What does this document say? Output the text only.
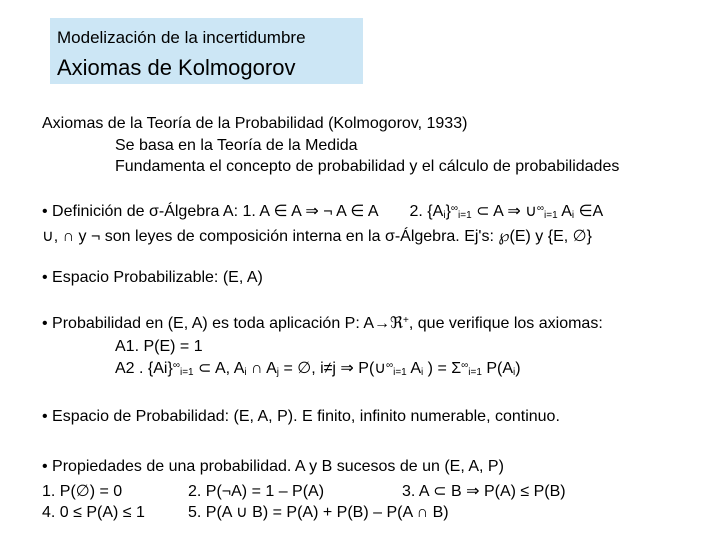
Modelización de la incertidumbre
Axiomas de Kolmogorov
Axiomas de la Teoría de la Probabilidad (Kolmogorov, 1933)
Se basa en la Teoría de la Medida
Fundamenta el concepto de probabilidad y el cálculo de probabilidades
• Definición de σ-Álgebra A: 1. A ∈ A ⇒ ¬ A ∈ A 2. $\{A_i\}^\infty_{i=1}$ ⊂ A ⇒ $\cup^\infty_{i=1}$ $A_i$ ∈A
∪, ∩ y ¬ son leyes de composición interna en la σ-Álgebra. Ej's: ℘(E) y {E, ∅}
• Espacio Probabilizable: (E, A)
• Probabilidad en (E, A) es toda aplicación P: A→ℜ+, que verifique los axiomas:
A1. P(E) = 1
A2 . $\{Ai\}^\infty_{i=1}$ ⊂ A, $A_i$ ∩ $A_j$ = ∅, i≠j ⇒ $P(\cup^\infty_{i=1}$ $A_i$ ) = $\Sigma^\infty_{i=1}$ $P(A_i)$
• Espacio de Probabilidad: (E, A, P). E finito, infinito numerable, continuo.
• Propiedades de una probabilidad. A y B sucesos de un (E, A, P)
1. P(∅) = 0	2. P(¬A) = 1 – P(A)	3. A ⊂ B ⇒ P(A) ≤ P(B)
4. 0 ≤ P(A) ≤ 1	5. P(A ∪ B) = P(A) + P(B) – P(A ∩ B)
